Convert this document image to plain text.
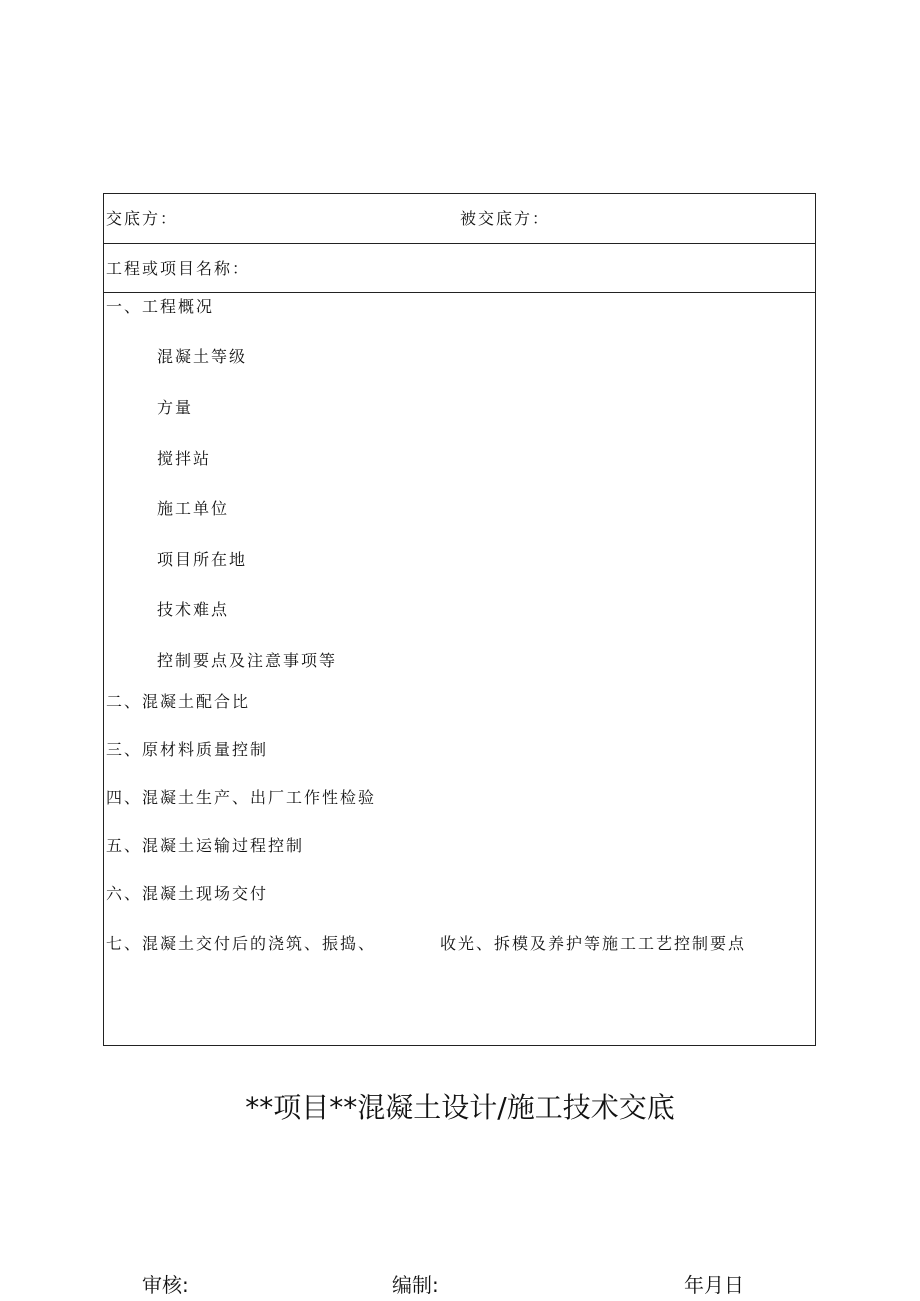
交底方：	被交底方：
工程或项目名称：
一、工程概况
混凝土等级
方量
搅拌站
施工单位
项目所在地
技术难点
控制要点及注意事项等
二、混凝土配合比
三、原材料质量控制
四、混凝土生产、出厂工作性检验
五、混凝土运输过程控制
六、混凝土现场交付
七、混凝土交付后的浇筑、振捣、	收光、拆模及养护等施工工艺控制要点
**项目**混凝土设计/施工技术交底
审核:	编制:	年月日
